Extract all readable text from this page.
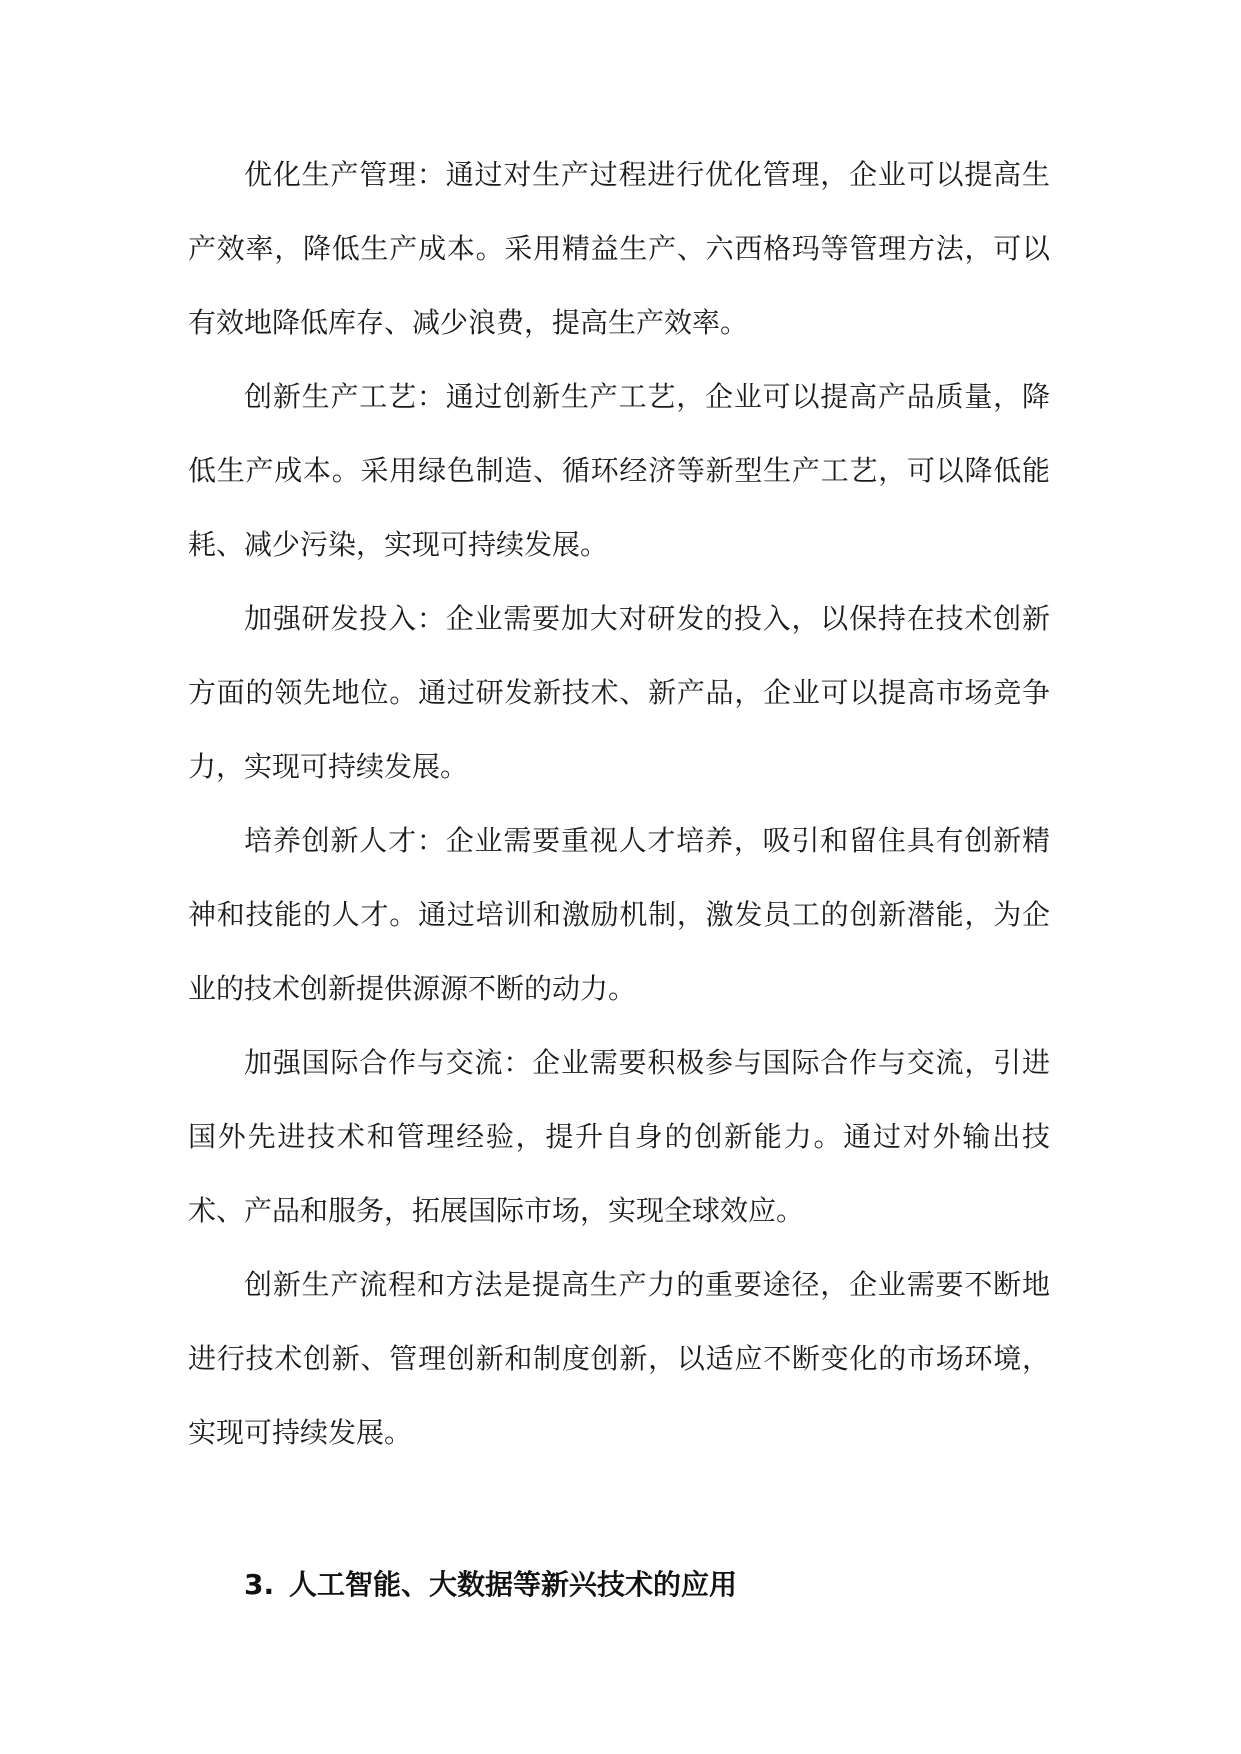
优化生产管理：通过对生产过程进行优化管理，企业可以提高生产效率，降低生产成本。采用精益生产、六西格玛等管理方法，可以有效地降低库存、减少浪费，提高生产效率。

创新生产工艺：通过创新生产工艺，企业可以提高产品质量，降低生产成本。采用绿色制造、循环经济等新型生产工艺，可以降低能耗、减少污染，实现可持续发展。

加强研发投入：企业需要加大对研发的投入，以保持在技术创新方面的领先地位。通过研发新技术、新产品，企业可以提高市场竞争力，实现可持续发展。

培养创新人才：企业需要重视人才培养，吸引和留住具有创新精神和技能的人才。通过培训和激励机制，激发员工的创新潜能，为企业的技术创新提供源源不断的动力。

加强国际合作与交流：企业需要积极参与国际合作与交流，引进国外先进技术和管理经验，提升自身的创新能力。通过对外输出技术、产品和服务，拓展国际市场，实现全球效应。

创新生产流程和方法是提高生产力的重要途径，企业需要不断地进行技术创新、管理创新和制度创新，以适应不断变化的市场环境，实现可持续发展。

3. 人工智能、大数据等新兴技术的应用
